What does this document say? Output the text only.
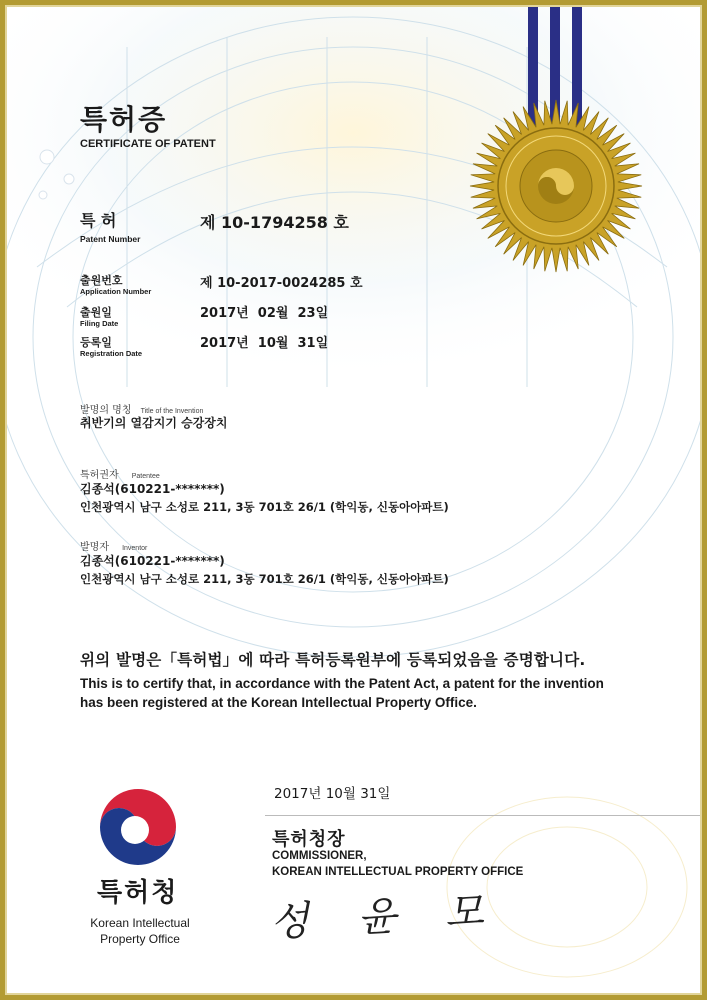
특허증
CERTIFICATE OF PATENT
특 허
Patent Number
제 10-1794258 호
출원번호
Application Number
제 10-2017-0024285 호
출원일
Filing Date
2017년  02월  23일
등록일
Registration Date
2017년  10월  31일
발명의 명칭 Title of the Invention
취반기의 열감지기 승강장치
특허권자 Patentee
김종석(610221-*******)
인천광역시 남구 소성로 211, 3동 701호 26/1 (학익동, 신동아아파트)
발명자 Inventor
김종석(610221-*******)
인천광역시 남구 소성로 211, 3동 701호 26/1 (학익동, 신동아아파트)
위의 발명은「특허법」에 따라 특허등록원부에 등록되었음을 증명합니다.
This is to certify that, in accordance with the Patent Act, a patent for the invention
has been registered at the Korean Intellectual Property Office.
2017년 10월 31일
특허청장
COMMISSIONER,
KOREAN INTELLECTUAL PROPERTY OFFICE
성 윤 모
특허청
Korean Intellectual
Property Office
